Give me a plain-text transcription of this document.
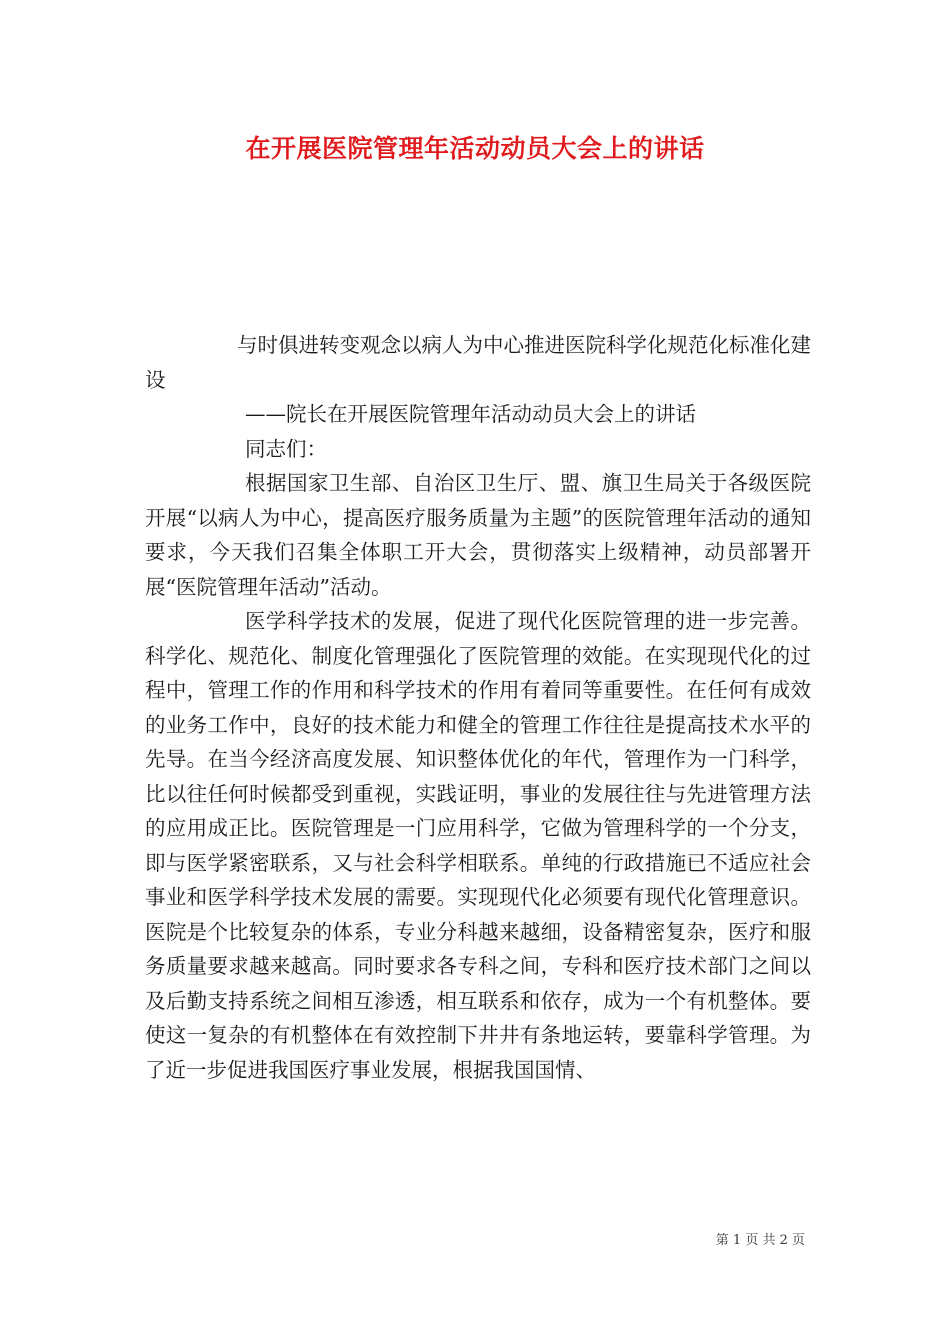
在开展医院管理年活动动员大会上的讲话

与时俱进转变观念以病人为中心推进医院科学化规范化标准化建设

——院长在开展医院管理年活动动员大会上的讲话

同志们：

根据国家卫生部、自治区卫生厅、盟、旗卫生局关于各级医院开展“以病人为中心，提高医疗服务质量为主题”的医院管理年活动的通知要求，今天我们召集全体职工开大会，贯彻落实上级精神，动员部署开展“医院管理年活动”活动。

医学科学技术的发展，促进了现代化医院管理的进一步完善。科学化、规范化、制度化管理强化了医院管理的效能。在实现现代化的过程中，管理工作的作用和科学技术的作用有着同等重要性。在任何有成效的业务工作中，良好的技术能力和健全的管理工作往往是提高技术水平的先导。在当今经济高度发展、知识整体优化的年代，管理作为一门科学，比以往任何时候都受到重视，实践证明，事业的发展往往与先进管理方法的应用成正比。医院管理是一门应用科学，它做为管理科学的一个分支，即与医学紧密联系，又与社会科学相联系。单纯的行政措施已不适应社会事业和医学科学技术发展的需要。实现现代化必须要有现代化管理意识。医院是个比较复杂的体系，专业分科越来越细，设备精密复杂，医疗和服务质量要求越来越高。同时要求各专科之间，专科和医疗技术部门之间以及后勤支持系统之间相互渗透，相互联系和依存，成为一个有机整体。要使这一复杂的有机整体在有效控制下井井有条地运转，要靠科学管理。为了近一步促进我国医疗事业发展，根据我国国情、

第 1 页 共 2 页
